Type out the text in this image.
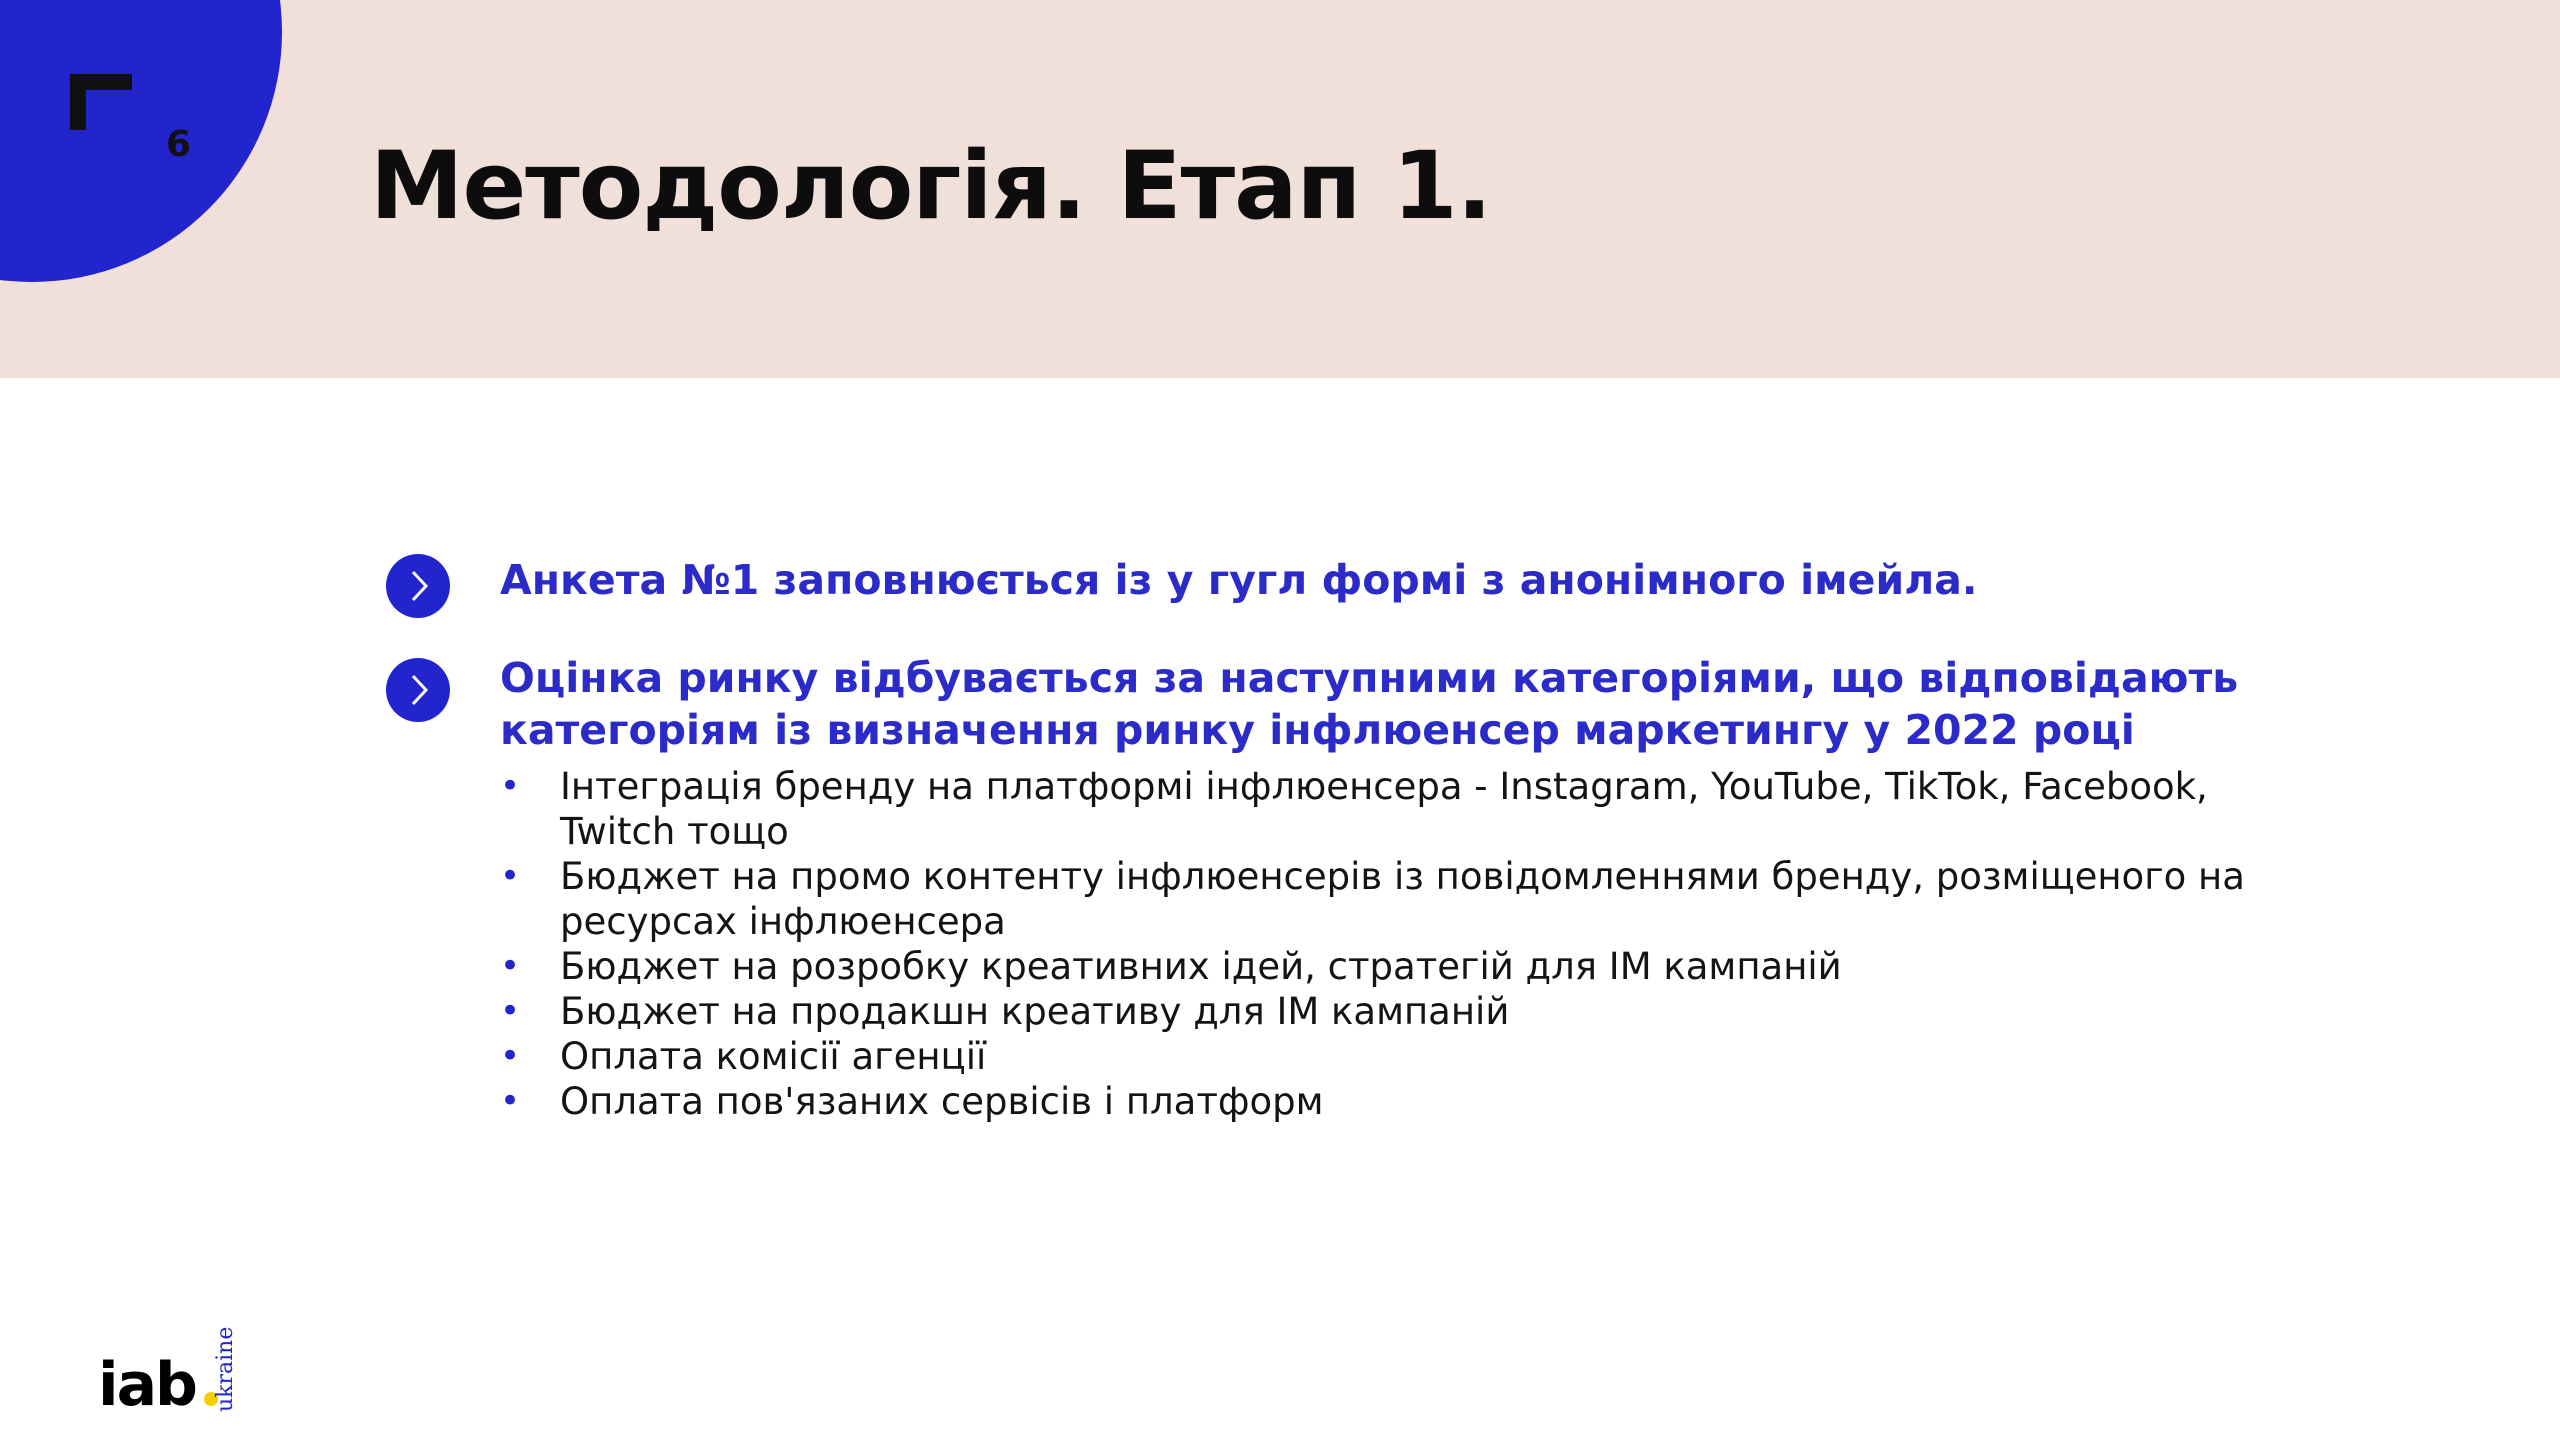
6 Методологія. Етап 1.

Анкета №1 заповнюється із у гугл формі з анонімного імейла.

Оцінка ринку відбувається за наступними категоріями, що відповідають категоріям із визначення ринку інфлюенсер маркетингу у 2022 році

• Інтеграція бренду на платформі інфлюенсера - Instagram, YouTube, TikTok, Facebook, Twitch тощо
• Бюджет на промо контенту інфлюенсерів із повідомленнями бренду, розміщеного на ресурсах інфлюенсера
• Бюджет на розробку креативних ідей, стратегій для ІМ кампаній
• Бюджет на продакшн креативу для ІМ кампаній
• Оплата комісії агенції
• Оплата пов'язаних сервісів і платформ
iab ukraine
